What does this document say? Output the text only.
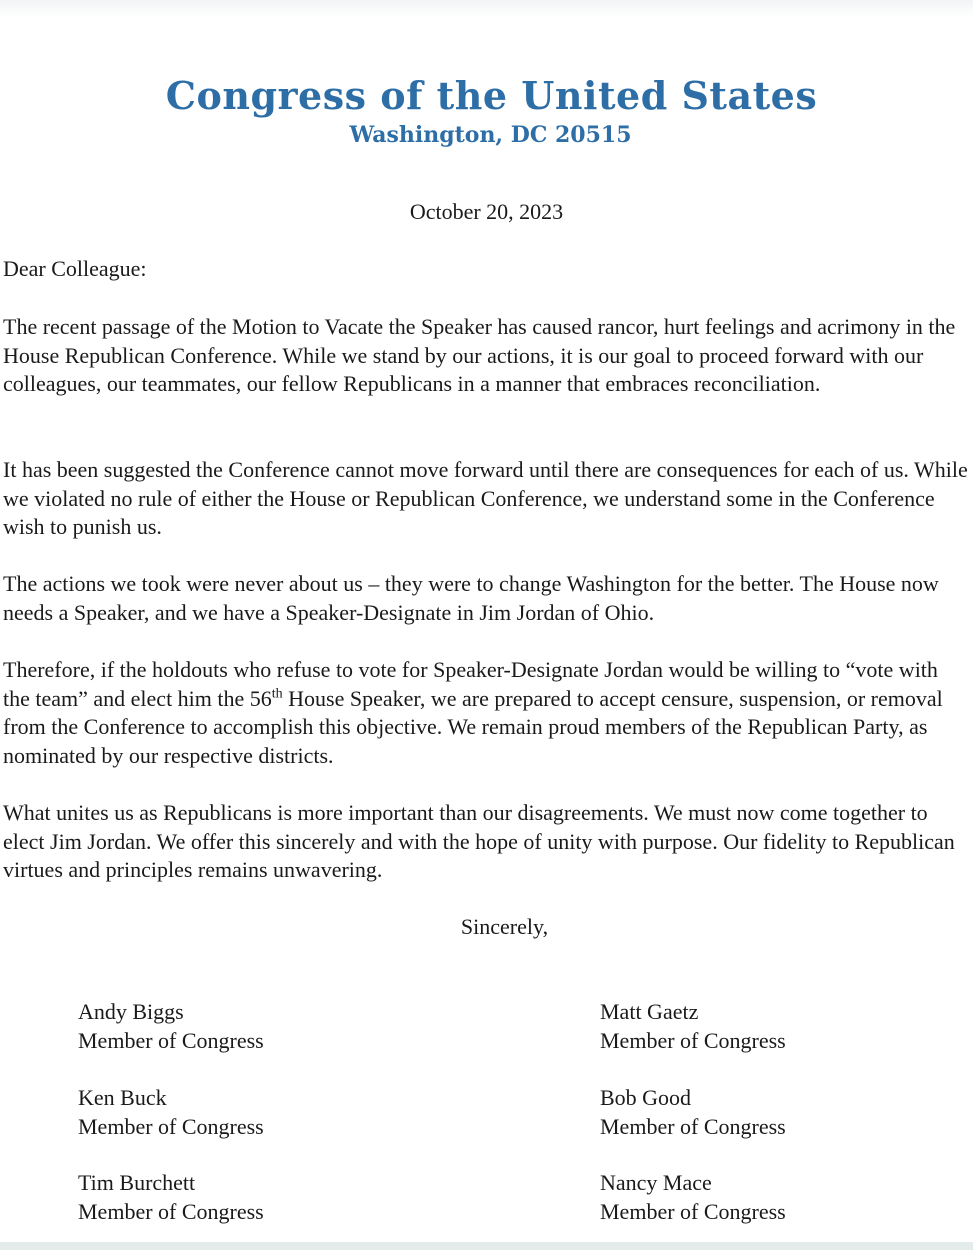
Congress of the United States
Washington, DC 20515
October 20, 2023

Dear Colleague:

The recent passage of the Motion to Vacate the Speaker has caused rancor, hurt feelings and acrimony in the House Republican Conference. While we stand by our actions, it is our goal to proceed forward with our colleagues, our teammates, our fellow Republicans in a manner that embraces reconciliation.

It has been suggested the Conference cannot move forward until there are consequences for each of us. While we violated no rule of either the House or Republican Conference, we understand some in the Conference wish to punish us.

The actions we took were never about us – they were to change Washington for the better. The House now needs a Speaker, and we have a Speaker-Designate in Jim Jordan of Ohio.

Therefore, if the holdouts who refuse to vote for Speaker-Designate Jordan would be willing to “vote with the team” and elect him the 56th House Speaker, we are prepared to accept censure, suspension, or removal from the Conference to accomplish this objective. We remain proud members of the Republican Party, as nominated by our respective districts.

What unites us as Republicans is more important than our disagreements. We must now come together to elect Jim Jordan. We offer this sincerely and with the hope of unity with purpose. Our fidelity to Republican virtues and principles remains unwavering.

Sincerely,
Andy Biggs
Member of Congress
Matt Gaetz
Member of Congress
Ken Buck
Member of Congress
Bob Good
Member of Congress
Tim Burchett
Member of Congress
Nancy Mace
Member of Congress
